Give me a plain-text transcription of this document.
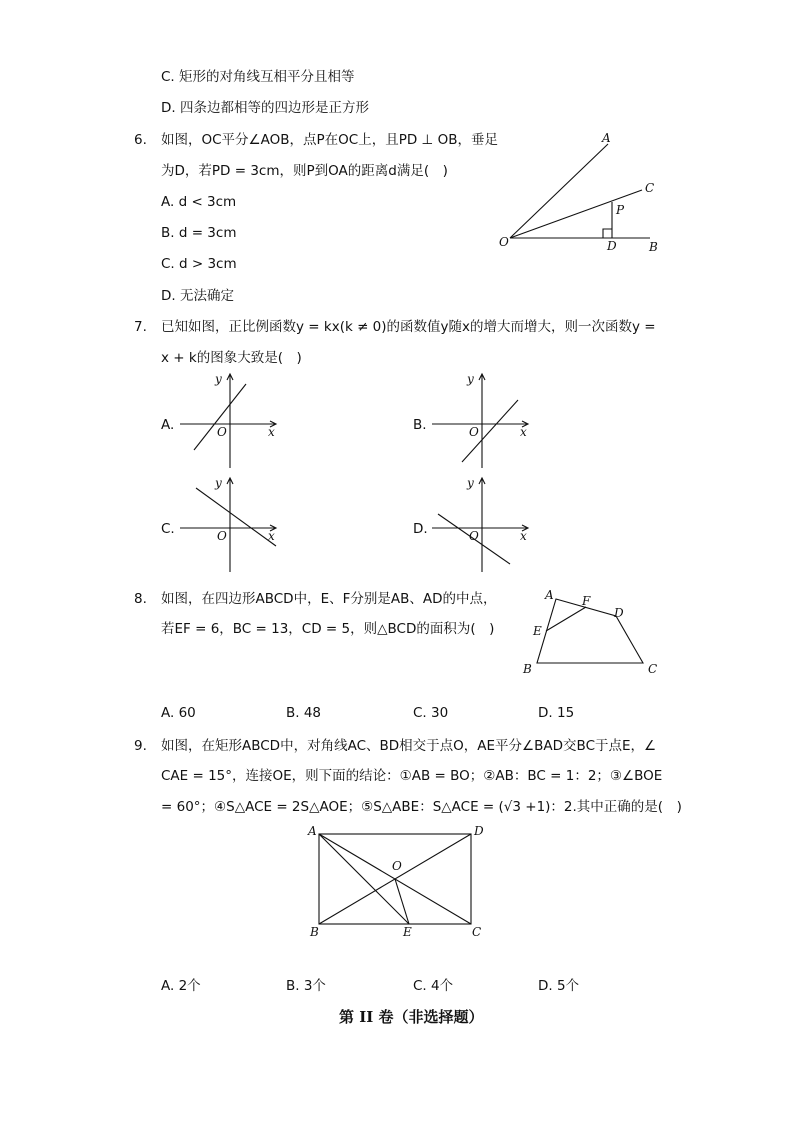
C. 矩形的对角线互相平分且相等
D. 四条边都相等的四边形是正方形
6. 如图，OC平分∠AOB，点P在OC上，且PD ⊥ OB，垂足
为D，若PD = 3cm，则P到OA的距离d满足(　)
A. d < 3cm
B. d = 3cm
C. d > 3cm
D. 无法确定
A
C
P
O	D	B
7. 已知如图，正比例函数y = kx(k ≠ 0)的函数值y随x的增大而增大，则一次函数y =
x + k的图象大致是(　)
A.
y
x
O	B.
y
x
O
C.
y
x
O	D.
y
x
O
8. 如图，在四边形ABCD中，E、F分别是AB、AD的中点，
若EF = 6，BC = 13，CD = 5，则△BCD的面积为(　)
A F
D
E
B	C
A. 60	B. 48	C. 30	D. 15
9. 如图，在矩形ABCD中，对角线AC、BD相交于点O，AE平分∠BAD交BC于点E，∠
CAE = 15°，连接OE，则下面的结论：①AB = BO；②AB：BC = 1：2；③∠BOE
= 60°；④S△ACE = 2S△AOE；⑤S△ABE：S△ACE = (√3 +1)：2.其中正确的是(　)
A	D
O
B	E	C
A. 2个	B. 3个	C. 4个	D. 5个
第 II 卷（非选择题）
